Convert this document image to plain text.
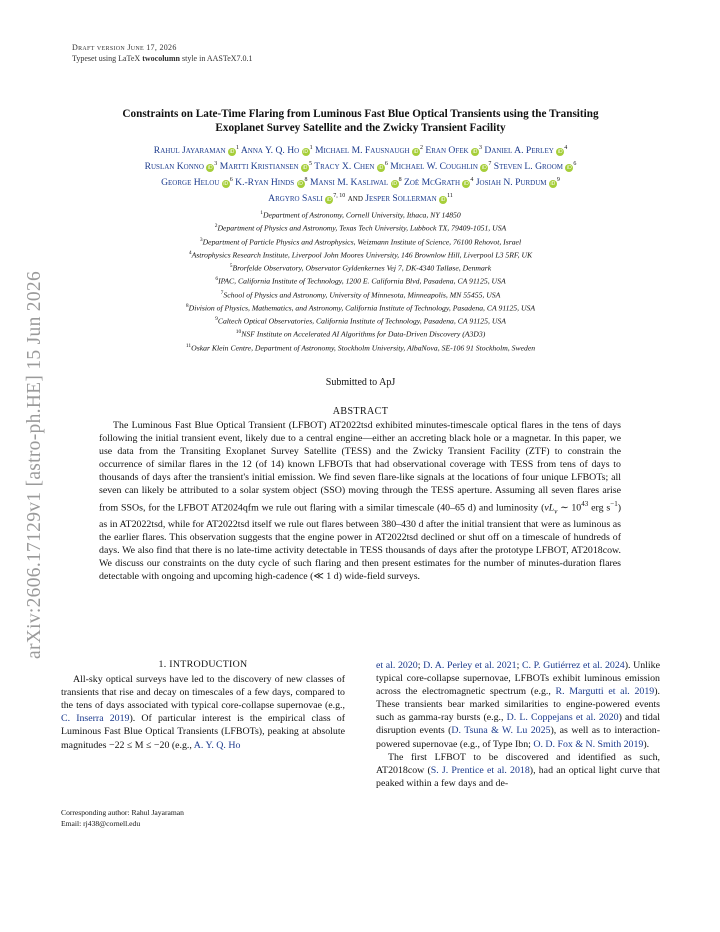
arXiv:2606.17129v1 [astro-ph.HE] 15 Jun 2026
Draft version June 17, 2026
Typeset using LaTeX twocolumn style in AASTeX7.0.1
Constraints on Late-Time Flaring from Luminous Fast Blue Optical Transients using the Transiting
Exoplanet Survey Satellite and the Zwicky Transient Facility
Rahul Jayaraman $iD^1$ Anna Y. Q. Ho $iD^1$ Michael M. Fausnaugh $iD^2$ Eran Ofek $iD^3$ Daniel A. Perley $iD^4$
Ruslan Konno $iD^3$ Martti Kristiansen $iD^5$ Tracy X. Chen $iD^6$ Michael W. Coughlin $iD^7$ Steven L. Groom $iD^6$
George Helou $iD^6$ K.-Ryan Hinds $iD^8$ Mansi M. Kasliwal $iD^8$ Zoë McGrath $iD^4$ Josiah N. Purdum $iD^9$
Argyro Sasli iD$^{7, 10}$ and Jesper Sollerman $iD^{11}$
$^1$Department of Astronomy, Cornell University, Ithaca, NY 14850
$^2$Department of Physics and Astronomy, Texas Tech University, Lubbock TX, 79409-1051, USA
$^3$Department of Particle Physics and Astrophysics, Weizmann Institute of Science, 76100 Rehovot, Israel
$^4$Astrophysics Research Institute, Liverpool John Moores University, 146 Brownlow Hill, Liverpool L3 5RF, UK
$^5$Brorfelde Observatory, Observator Gyldenkernes Vej 7, DK-4340 Tølløse, Denmark
$^6$IPAC, California Institute of Technology, 1200 E. California Blvd, Pasadena, CA 91125, USA
$^7$School of Physics and Astronomy, University of Minnesota, Minneapolis, MN 55455, USA
$^8$Division of Physics, Mathematics, and Astronomy, California Institute of Technology, Pasadena, CA 91125, USA
$^9$Caltech Optical Observatories, California Institute of Technology, Pasadena, CA 91125, USA
$^{10}$NSF Institute on Accelerated AI Algorithms for Data-Driven Discovery (A3D3)
$^{11}$Oskar Klein Centre, Department of Astronomy, Stockholm University, AlbaNova, SE-106 91 Stockholm, Sweden
Submitted to ApJ
ABSTRACT
The Luminous Fast Blue Optical Transient (LFBOT) AT2022tsd exhibited minutes-timescale optical flares in the tens of days following the initial transient event, likely due to a central engine—either an accreting black hole or a magnetar. In this paper, we use data from the Transiting Exoplanet Survey Satellite (TESS) and the Zwicky Transient Facility (ZTF) to constrain the occurrence of similar flares in the 12 (of 14) known LFBOTs that had observational coverage with TESS from tens of days to thousands of days after the transient's initial emission. We find seven flare-like signals at the locations of four unique LFBOTs; all seven can likely be attributed to a solar system object (SSO) moving through the TESS aperture. Assuming all seven flares arise from SSOs, for the LFBOT AT2024qfm we rule out flaring with a similar timescale (40–65 d) and luminosity ($\nu L_\nu$ ∼ $10^{43}$ erg $s^{-1}$) as in AT2022tsd, while for AT2022tsd itself we rule out flares between 380–430 d after the initial transient that were as luminous as the earlier flares. This observation suggests that the engine power in AT2022tsd declined or shut off on a timescale of hundreds of days. We also find that there is no late-time activity detectable in TESS thousands of days after the prototype LFBOT, AT2018cow. We discuss our constraints on the duty cycle of such flaring and then present estimates for the number of minutes-duration flares detectable with ongoing and upcoming high-cadence (≪ 1 d) wide-field surveys.
1. INTRODUCTION
All-sky optical surveys have led to the discovery of new classes of transients that rise and decay on timescales of a few days, compared to the tens of days associated with typical core-collapse supernovae (e.g., C. Inserra 2019). Of particular interest is the empirical class of Luminous Fast Blue Optical Transients (LFBOTs), peaking at absolute magnitudes −22 ≤ M ≤ −20 (e.g., A. Y. Q. Ho
et al. 2020; D. A. Perley et al. 2021; C. P. Gutiérrez et al. 2024). Unlike typical core-collapse supernovae, LFBOTs exhibit luminous emission across the electromagnetic spectrum (e.g., R. Margutti et al. 2019). These transients bear marked similarities to engine-powered events such as gamma-ray bursts (e.g., D. L. Coppejans et al. 2020) and tidal disruption events (D. Tsuna & W. Lu 2025), as well as to interaction-powered supernovae (e.g., of Type Ibn; O. D. Fox & N. Smith 2019).
The first LFBOT to be discovered and identified as such, AT2018cow (S. J. Prentice et al. 2018), had an optical light curve that peaked within a few days and de-
Corresponding author: Rahul Jayaraman
Email: rj438@cornell.edu
